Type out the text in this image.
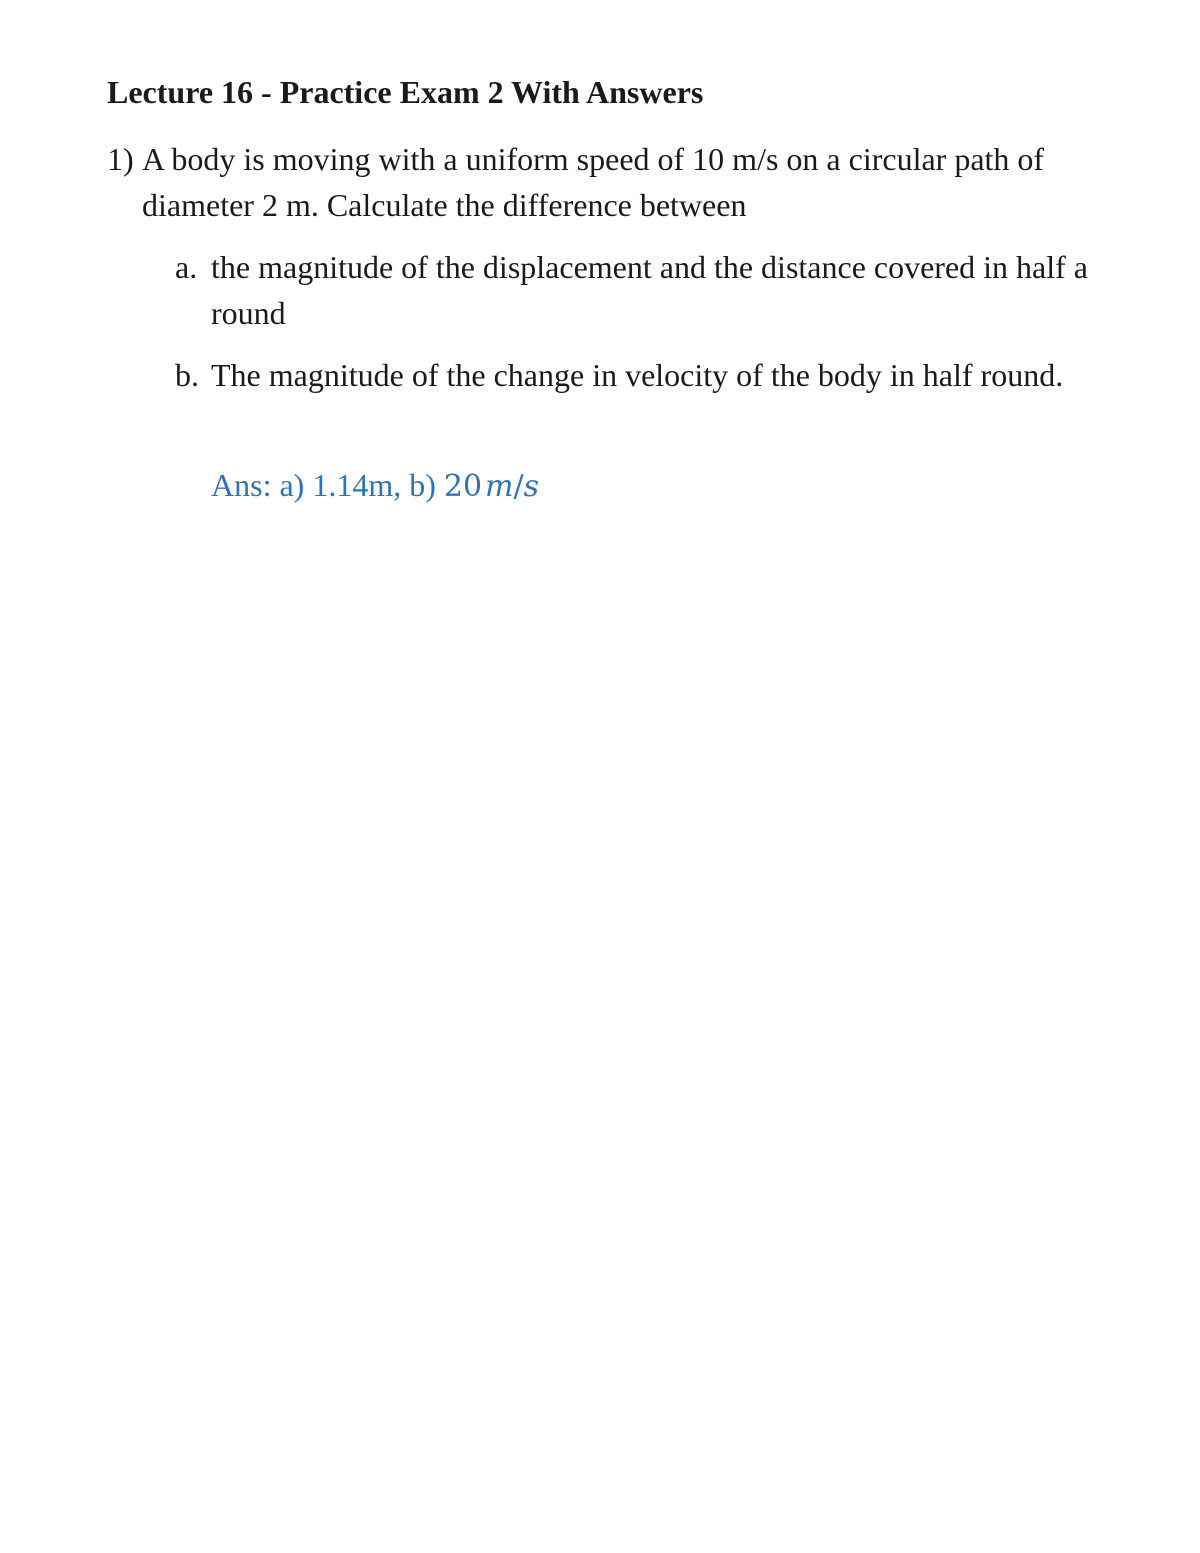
Lecture 16 - Practice Exam 2 With Answers
1) A body is moving with a uniform speed of 10 m/s on a circular path of diameter 2 m. Calculate the difference between
a. the magnitude of the displacement and the distance covered in half a round
b. The magnitude of the change in velocity of the body in half round.
Ans: a) 1.14m, b) 20  m/s
